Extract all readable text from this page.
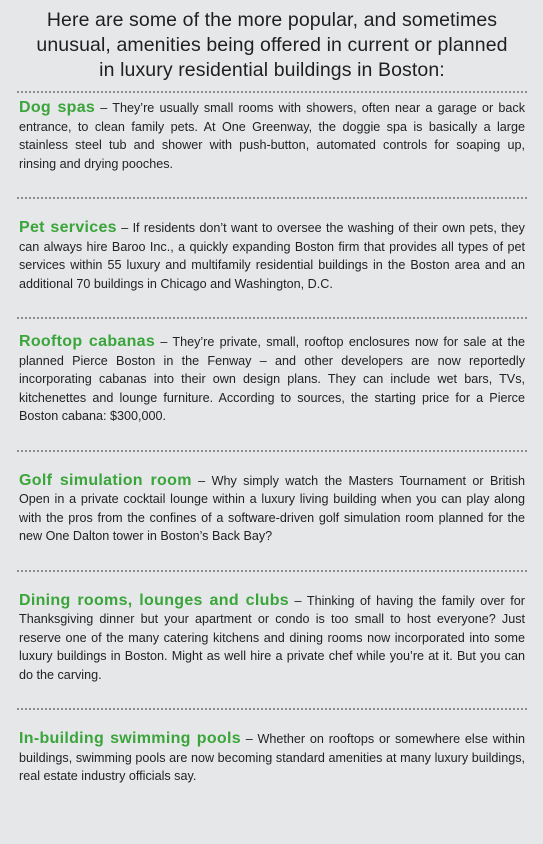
Here are some of the more popular, and sometimes unusual, amenities being offered in current or planned in luxury residential buildings in Boston:
Dog spas – They’re usually small rooms with showers, often near a garage or back entrance, to clean family pets. At One Greenway, the doggie spa is basically a large stainless steel tub and shower with push-button, automated controls for soaping up, rinsing and drying pooches.
Pet services – If residents don’t want to oversee the washing of their own pets, they can always hire Baroo Inc., a quickly expanding Boston firm that provides all types of pet services within 55 luxury and multifamily residential buildings in the Boston area and an additional 70 buildings in Chicago and Washington, D.C.
Rooftop cabanas – They’re private, small, rooftop enclosures now for sale at the planned Pierce Boston in the Fenway – and other developers are now reportedly incorporating cabanas into their own design plans. They can include wet bars, TVs, kitchenettes and lounge furniture. According to sources, the starting price for a Pierce Boston cabana: $300,000.
Golf simulation room – Why simply watch the Masters Tournament or British Open in a private cocktail lounge within a luxury living building when you can play along with the pros from the confines of a software-driven golf simulation room planned for the new One Dalton tower in Boston’s Back Bay?
Dining rooms, lounges and clubs – Thinking of having the family over for Thanksgiving dinner but your apartment or condo is too small to host everyone? Just reserve one of the many catering kitchens and dining rooms now incorporated into some luxury buildings in Boston. Might as well hire a private chef while you’re at it. But you can do the carving.
In-building swimming pools – Whether on rooftops or somewhere else within buildings, swimming pools are now becoming standard amenities at many luxury buildings, real estate industry officials say.
